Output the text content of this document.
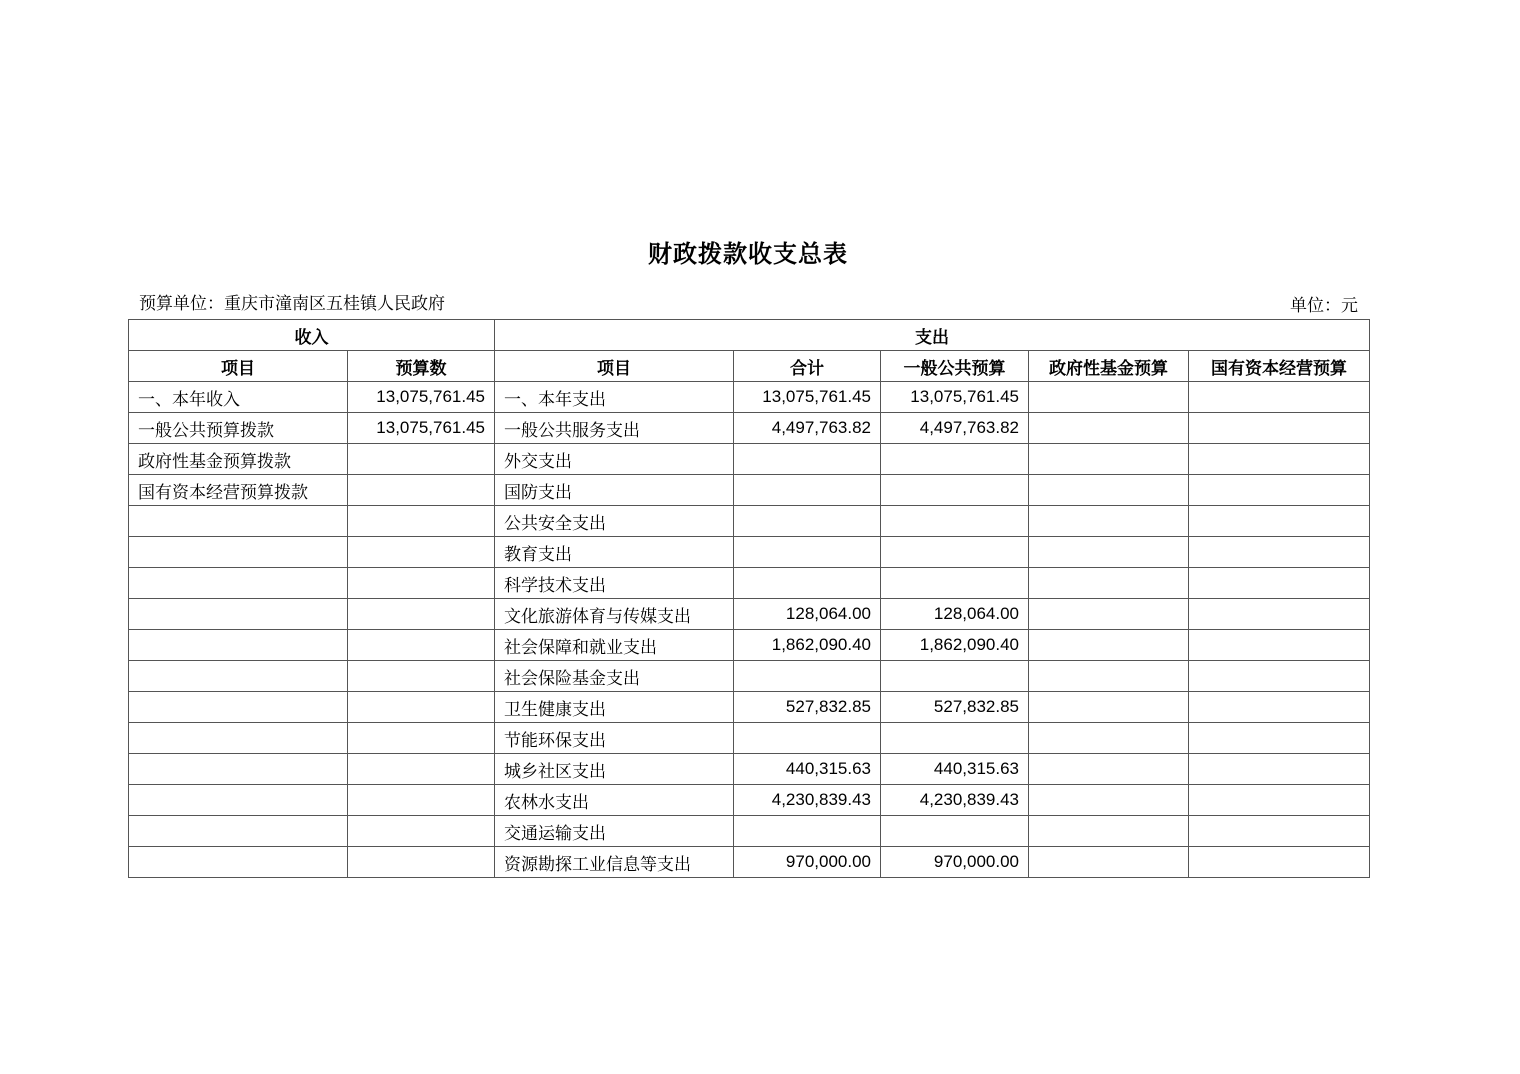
财政拨款收支总表
预算单位：重庆市潼南区五桂镇人民政府	单位：元
收入		支出				
项目	预算数	项目	合计	一般公共预算	政府性基金预算	国有资本经营预算
一、本年收入	13,075,761.45	一、本年支出	13,075,761.45	13,075,761.45		
一般公共预算拨款	13,075,761.45	一般公共服务支出	4,497,763.82	4,497,763.82		
政府性基金预算拨款		外交支出				
国有资本经营预算拨款		国防支出				
		公共安全支出				
		教育支出				
		科学技术支出				
		文化旅游体育与传媒支出	128,064.00	128,064.00		
		社会保障和就业支出	1,862,090.40	1,862,090.40		
		社会保险基金支出				
		卫生健康支出	527,832.85	527,832.85		
		节能环保支出				
		城乡社区支出	440,315.63	440,315.63		
		农林水支出	4,230,839.43	4,230,839.43		
		交通运输支出				
		资源勘探工业信息等支出	970,000.00	970,000.00		
